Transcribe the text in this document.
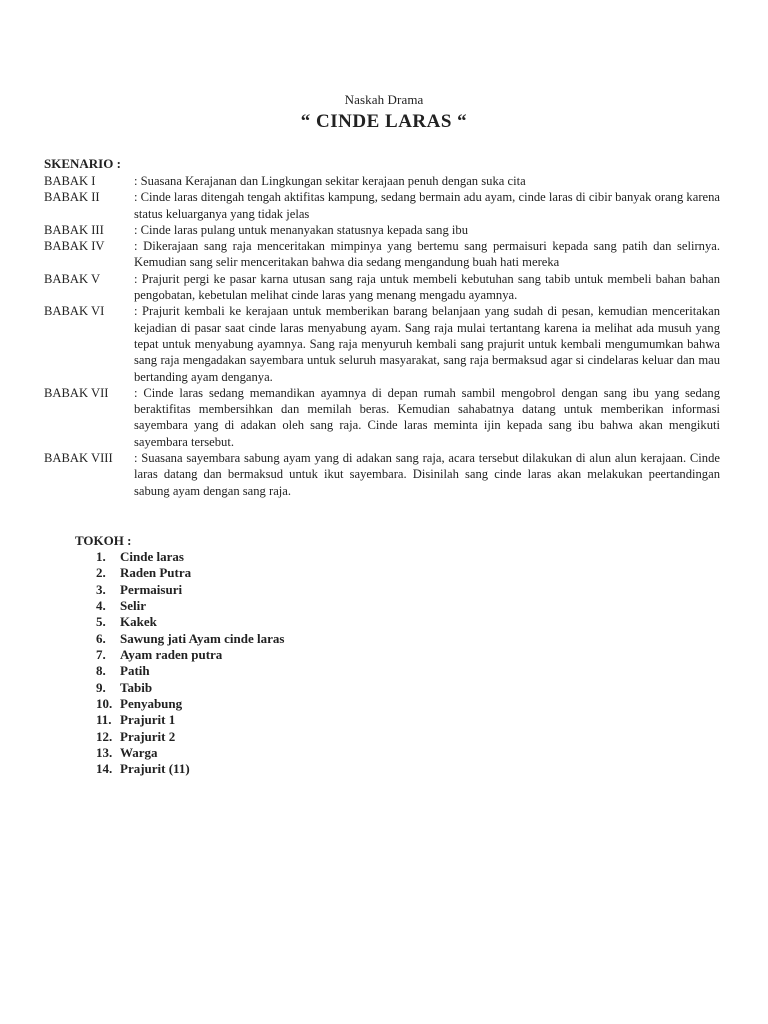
Naskah Drama
“ CINDE LARAS “
SKENARIO :
BABAK I	: Suasana Kerajanan dan Lingkungan sekitar kerajaan penuh dengan suka cita
BABAK II	: Cinde laras ditengah tengah aktifitas kampung, sedang bermain adu ayam, cinde laras di cibir banyak orang karena status keluarganya yang tidak jelas
BABAK III	: Cinde laras pulang untuk menanyakan statusnya kepada sang ibu
BABAK IV	: Dikerajaan sang raja menceritakan mimpinya yang bertemu sang permaisuri kepada sang patih dan selirnya. Kemudian sang selir menceritakan bahwa dia sedang mengandung buah hati mereka
BABAK V	: Prajurit pergi ke pasar karna utusan sang raja untuk membeli kebutuhan sang tabib untuk membeli bahan bahan pengobatan, kebetulan melihat cinde laras yang menang mengadu ayamnya.
BABAK VI	: Prajurit kembali ke kerajaan untuk memberikan barang belanjaan yang sudah di pesan, kemudian menceritakan kejadian di pasar saat cinde laras menyabung ayam. Sang raja mulai tertantang karena ia melihat ada musuh yang tepat untuk menyabung ayamnya. Sang raja menyuruh kembali sang prajurit untuk kembali mengumumkan bahwa sang raja mengadakan sayembara untuk seluruh masyarakat, sang raja bermaksud agar si cindelaras keluar dan mau bertanding ayam denganya.
BABAK VII	: Cinde laras sedang memandikan ayamnya di depan rumah sambil mengobrol dengan sang ibu yang sedang beraktifitas membersihkan dan memilah beras. Kemudian sahabatnya datang untuk memberikan informasi sayembara yang di adakan oleh sang raja. Cinde laras meminta ijin kepada sang ibu bahwa akan mengikuti sayembara tersebut.
BABAK VIII	: Suasana sayembara sabung ayam yang di adakan sang raja, acara tersebut dilakukan di alun alun kerajaan. Cinde laras datang dan bermaksud untuk ikut sayembara. Disinilah sang cinde laras akan melakukan peertandingan sabung ayam dengan sang raja.
TOKOH :
1.	Cinde laras
2.	Raden Putra
3.	Permaisuri
4.	Selir
5.	Kakek
6.	Sawung jati Ayam cinde laras
7.	Ayam raden putra
8.	Patih
9.	Tabib
10. Penyabung
11. Prajurit 1
12. Prajurit 2
13. Warga
14. Prajurit (11)
